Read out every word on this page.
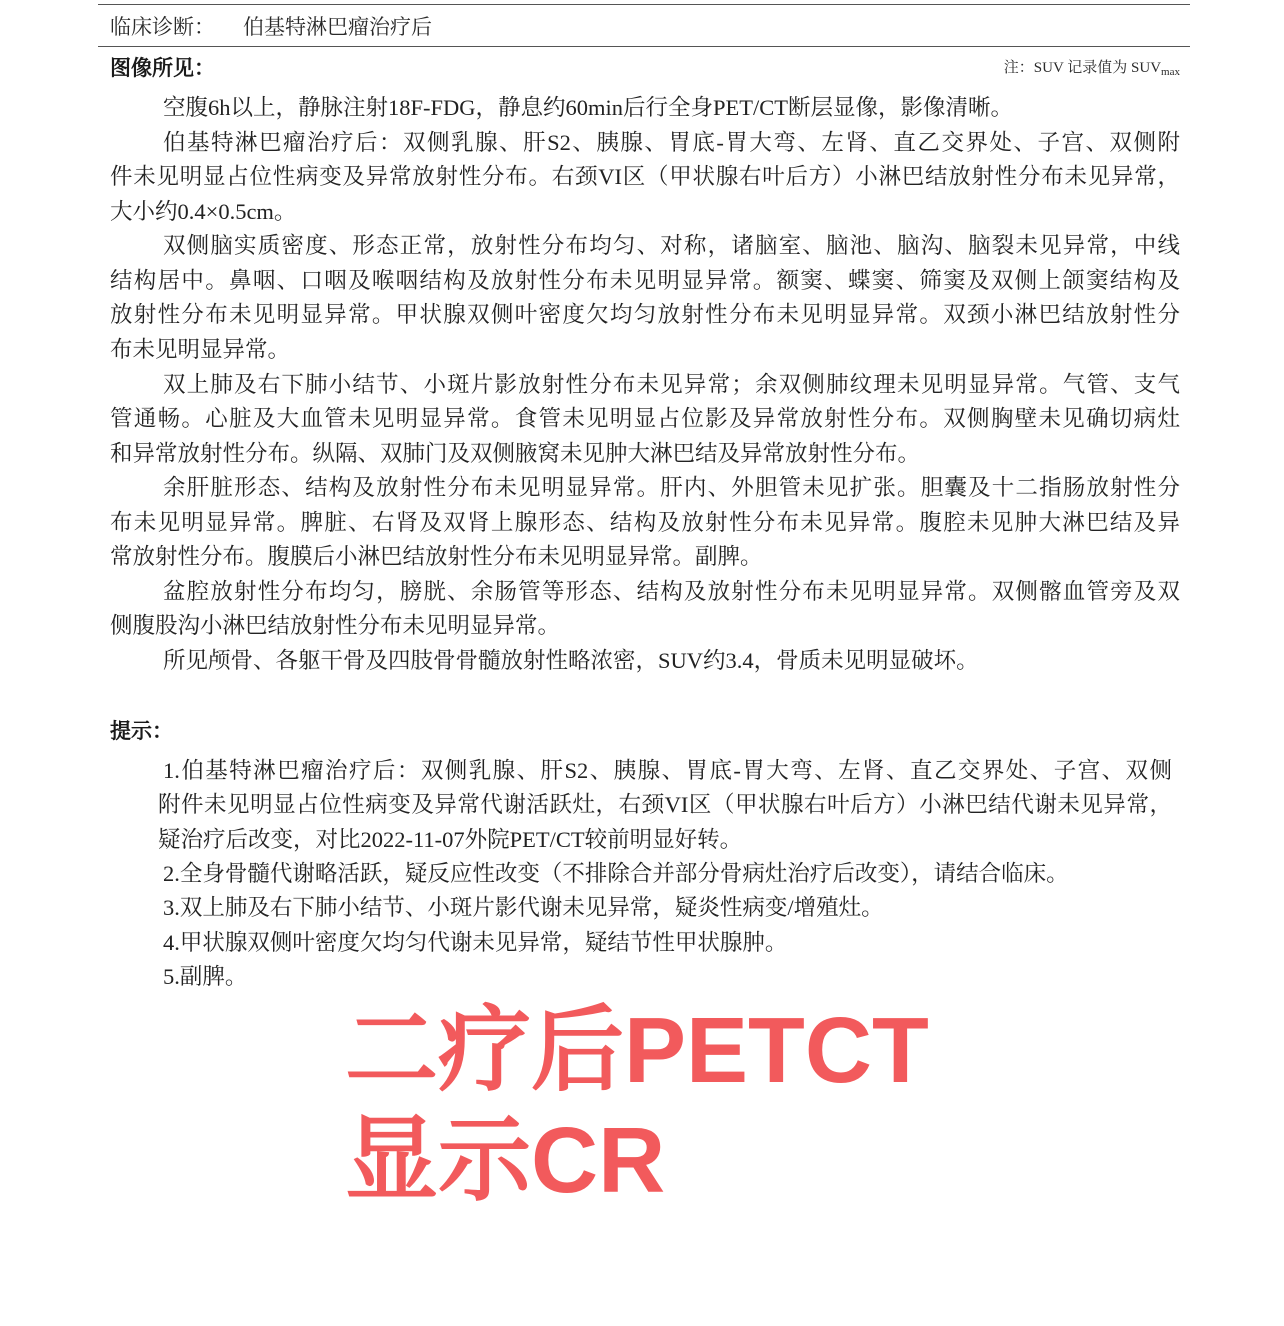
临床诊断： 伯基特淋巴瘤治疗后
图像所见：	注：SUV 记录值为 $SUV_{max}$
空腹6h以上，静脉注射18F-FDG，静息约60min后行全身PET/CT断层显像，影像清晰。
伯基特淋巴瘤治疗后：双侧乳腺、肝S2、胰腺、胃底-胃大弯、左肾、直乙交界处、子宫、双侧附
件未见明显占位性病变及异常放射性分布。右颈VI区（甲状腺右叶后方）小淋巴结放射性分布未见异常，
大小约0.4×0.5cm。
双侧脑实质密度、形态正常，放射性分布均匀、对称，诸脑室、脑池、脑沟、脑裂未见异常，中线
结构居中。鼻咽、口咽及喉咽结构及放射性分布未见明显异常。额窦、蝶窦、筛窦及双侧上颌窦结构及
放射性分布未见明显异常。甲状腺双侧叶密度欠均匀放射性分布未见明显异常。双颈小淋巴结放射性分
布未见明显异常。
双上肺及右下肺小结节、小斑片影放射性分布未见异常；余双侧肺纹理未见明显异常。气管、支气
管通畅。心脏及大血管未见明显异常。食管未见明显占位影及异常放射性分布。双侧胸壁未见确切病灶
和异常放射性分布。纵隔、双肺门及双侧腋窝未见肿大淋巴结及异常放射性分布。
余肝脏形态、结构及放射性分布未见明显异常。肝内、外胆管未见扩张。胆囊及十二指肠放射性分
布未见明显异常。脾脏、右肾及双肾上腺形态、结构及放射性分布未见异常。腹腔未见肿大淋巴结及异
常放射性分布。腹膜后小淋巴结放射性分布未见明显异常。副脾。
盆腔放射性分布均匀，膀胱、余肠管等形态、结构及放射性分布未见明显异常。双侧髂血管旁及双
侧腹股沟小淋巴结放射性分布未见明显异常。
所见颅骨、各躯干骨及四肢骨骨髓放射性略浓密，SUV约3.4，骨质未见明显破坏。
提示：
1.伯基特淋巴瘤治疗后：双侧乳腺、肝S2、胰腺、胃底-胃大弯、左肾、直乙交界处、子宫、双侧
附件未见明显占位性病变及异常代谢活跃灶，右颈VI区（甲状腺右叶后方）小淋巴结代谢未见异常，
疑治疗后改变，对比2022-11-07外院PET/CT较前明显好转。
2.全身骨髓代谢略活跃，疑反应性改变（不排除合并部分骨病灶治疗后改变），请结合临床。
3.双上肺及右下肺小结节、小斑片影代谢未见异常，疑炎性病变/增殖灶。
4.甲状腺双侧叶密度欠均匀代谢未见异常，疑结节性甲状腺肿。
5.副脾。
二疗后PETCT
显示CR
